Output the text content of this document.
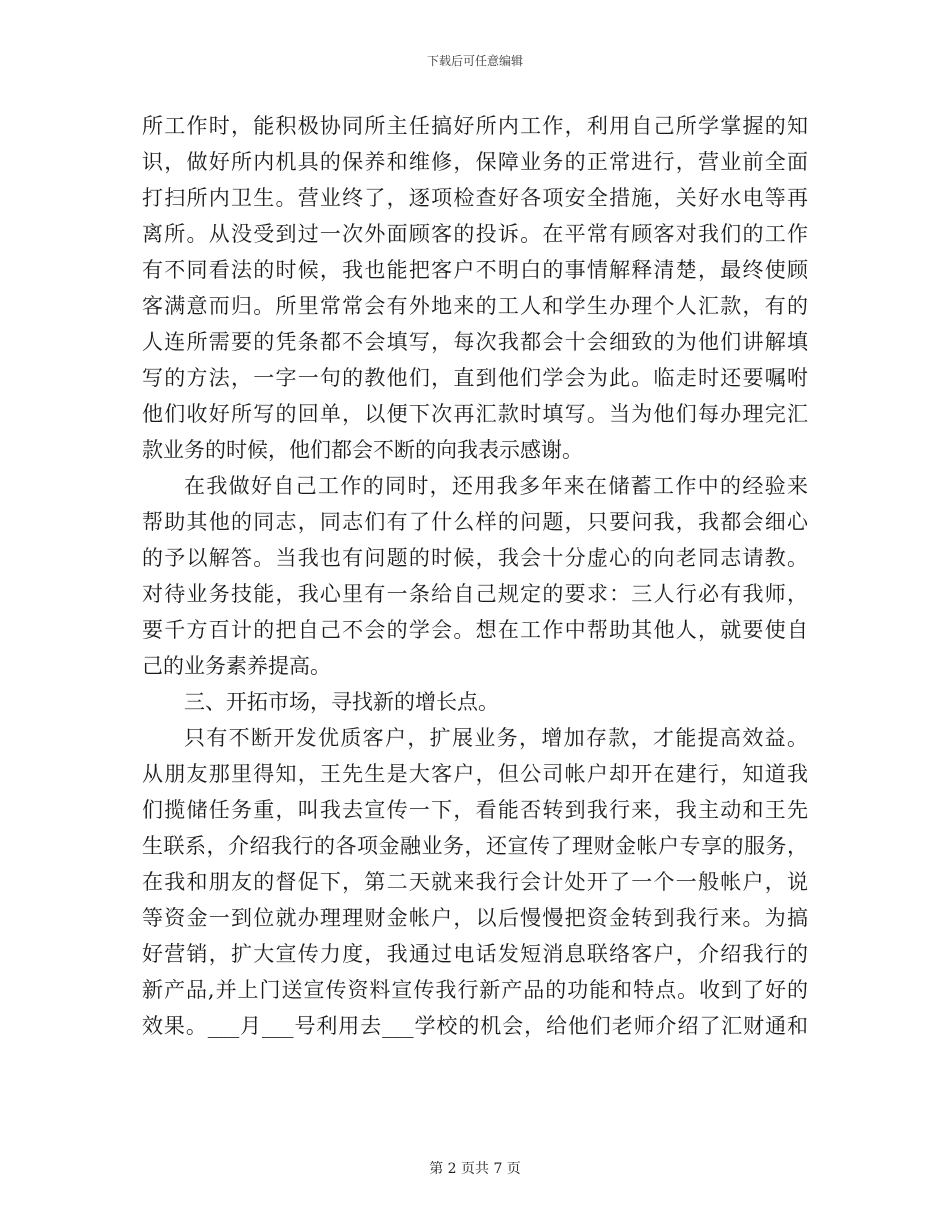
下载后可任意编辑
所工作时，能积极协同所主任搞好所内工作，利用自己所学掌握的知
识，做好所内机具的保养和维修，保障业务的正常进行，营业前全面
打扫所内卫生。营业终了，逐项检查好各项安全措施，关好水电等再
离所。从没受到过一次外面顾客的投诉。在平常有顾客对我们的工作
有不同看法的时候，我也能把客户不明白的事情解释清楚，最终使顾
客满意而归。所里常常会有外地来的工人和学生办理个人汇款，有的
人连所需要的凭条都不会填写，每次我都会十会细致的为他们讲解填
写的方法，一字一句的教他们，直到他们学会为此。临走时还要嘱咐
他们收好所写的回单，以便下次再汇款时填写。当为他们每办理完汇
款业务的时候，他们都会不断的向我表示感谢。
在我做好自己工作的同时，还用我多年来在储蓄工作中的经验来
帮助其他的同志，同志们有了什么样的问题，只要问我，我都会细心
的予以解答。当我也有问题的时候，我会十分虚心的向老同志请教。
对待业务技能，我心里有一条给自己规定的要求：三人行必有我师，
要千方百计的把自己不会的学会。想在工作中帮助其他人，就要使自
己的业务素养提高。
三、开拓市场，寻找新的增长点。
只有不断开发优质客户，扩展业务，增加存款，才能提高效益。
从朋友那里得知，王先生是大客户，但公司帐户却开在建行，知道我
们揽储任务重，叫我去宣传一下，看能否转到我行来，我主动和王先
生联系，介绍我行的各项金融业务，还宣传了理财金帐户专享的服务，
在我和朋友的督促下，第二天就来我行会计处开了一个一般帐户，说
等资金一到位就办理理财金帐户，以后慢慢把资金转到我行来。为搞
好营销，扩大宣传力度，我通过电话发短消息联络客户，介绍我行的
新产品,并上门送宣传资料宣传我行新产品的功能和特点。收到了好的
效果。___月___号利用去___学校的机会，给他们老师介绍了汇财通和
第 2 页共 7 页
